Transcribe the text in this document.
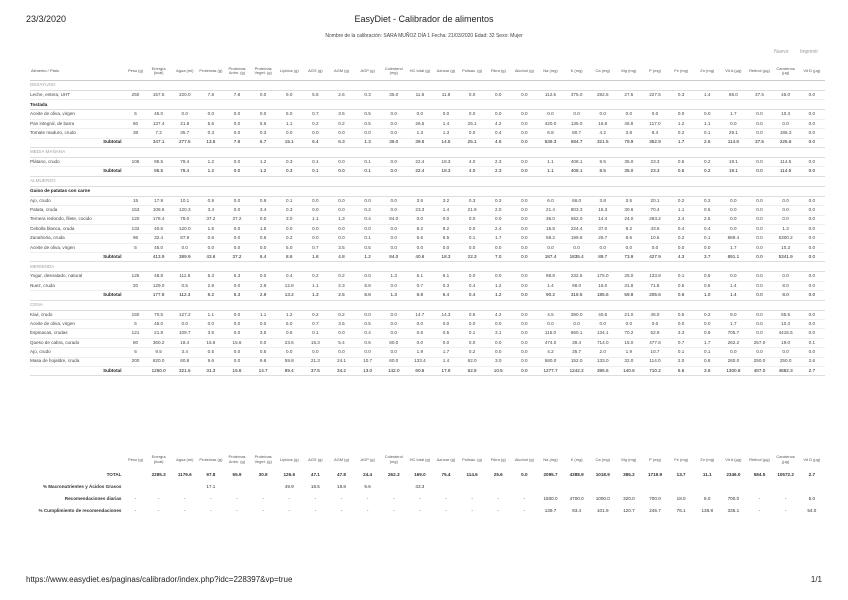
23/3/2020	EasyDiet - Calibrador de alimentos
Nombre de la calibración: SARA MUÑOZ DÍA 1 Fecha: 21/03/2020 Edad: 32 Sexo: Mujer
Nuevo Imprimir
Alimento / Plato	Peso (g)	Energía (kcal)	Agua (ml)	Proteínas (g)	Proteínas Anim. (g)	Proteínas Veget. (g)	Lípidos (g)	AGS (g)	AGM (g)	AGP (g)	Colesterol (mg)	HC total (g)	Azúcar (g)	Polisac. (g)	Fibra (g)	Alcohol (g)	Na (mg)	K (mg)	Ca (mg)	Mg (mg)	P (mg)	Fe (mg)	Zn (mg)	Vit A (µg)	Retinol (µg)	Carotenos (µg)	Vit D (µg)
DESAYUNO																											
Leche, entera, UHT	250	157.5	220.0	7.8	7.8	0.0	9.0	5.5	2.6	0.3	35.0	11.8	11.8	0.0	0.0	0.0	112.5	375.0	282.5	27.5	227.5	0.3	1.4	65.0	37.5	45.0	0.0
Tostada																											
Aceite de oliva, virgen	5	45.0	0.0	0.0	0.0	0.0	5.0	0.7	3.5	0.5	0.0	0.0	0.0	0.0	0.0	0.0	0.0	0.0	0.0	0.0	0.0	0.0	0.0	1.7	0.0	10.3	0.0
Pan integral, de barra	60	137.4	21.8	5.6	0.0	5.6	1.1	0.2	0.2	0.5	0.0	26.5	1.4	25.1	4.2	0.0	420.0	135.0	16.8	46.8	117.0	1.2	1.1	0.0	0.0	0.0	0.0
Tomate maduro, crudo	38	7.2	35.7	0.3	0.0	0.3	0.0	0.0	0.0	0.0	0.0	1.3	1.3	0.0	0.4	0.0	6.8	80.7	4.2	3.8	8.4	0.2	0.1	29.1	0.0	186.3	0.0
Subtotal		347.1	277.5	13.6	7.8	5.7	15.1	6.4	6.3	1.3	35.0	39.6	14.5	25.1	4.6	0.0	539.3	584.7	321.5	79.9	352.9	1.7	2.6	114.8	37.5	225.6	0.0
MEDIA MAÑANA																											
Plátano, crudo	106	95.5	78.4	1.2	0.0	1.2	0.3	0.1	0.0	0.1	0.0	22.4	18.3	4.0	2.3	0.0	1.1	408.1	8.5	35.0	23.3	0.5	0.2	19.1	0.0	114.5	0.0
Subtotal		95.5	78.4	1.2	0.0	1.2	0.3	0.1	0.0	0.1	0.0	22.4	18.3	4.0	2.3	0.0	1.1	408.1	8.5	35.0	23.3	0.5	0.2	19.1	0.0	114.5	0.0
ALMUERZO																											
Guiso de patatas con carne																											
Ajo, crudo	15	17.9	10.1	0.9	0.0	0.9	0.1	0.0	0.0	0.0	0.0	3.5	3.2	0.3	0.3	0.0	6.0	66.0	3.8	3.5	20.1	0.2	0.2	0.0	0.0	0.0	0.0
Patata, cruda	153	108.6	120.3	3.4	0.0	3.4	0.3	0.0	0.0	0.2	0.0	23.3	1.4	21.9	2.0	0.0	21.4	803.3	15.3	30.6	70.4	1.1	0.5	0.0	0.0	0.0	0.0
Ternera redondo, filete, cocido	120	178.4	78.0	37.2	37.2	0.0	3.0	1.1	1.3	0.4	84.0	0.0	0.0	0.0	0.0	0.0	36.0	552.0	14.4	24.0	283.2	2.4	2.5	0.0	0.0	0.0	0.0
Cebolla blanca, cruda	132	40.6	120.0	1.5	0.0	1.5	0.0	0.0	0.0	0.0	0.0	8.2	8.2	0.0	2.4	0.0	15.8	224.4	37.0	9.2	43.6	0.4	0.4	0.0	0.0	1.3	0.0
Zanahoria, cruda	96	32.4	87.9	0.6	0.0	0.6	0.2	0.0	0.0	0.1	0.0	6.6	6.5	0.1	1.7	0.0	58.2	199.8	26.7	8.6	10.6	0.2	0.1	889.4	0.0	5300.2	0.0
Aceite de oliva, virgen	5	45.0	0.0	0.0	0.0	0.0	5.0	0.7	3.5	0.5	0.0	0.0	0.0	0.0	0.0	0.0	0.0	0.0	0.0	0.0	0.0	0.0	0.0	1.7	0.0	10.3	0.0
Subtotal		413.9	389.9	43.6	37.2	6.4	8.6	1.8	4.8	1.2	84.0	40.6	18.3	22.3	7.0	0.0	187.4	1835.4	89.7	73.9	427.9	4.3	3.7	891.1	0.0	5341.9	0.0
MERIENDA																											
Yogur, desnatado, natural	125	48.8	111.8	5.3	5.3	0.0	0.4	0.2	0.2	0.0	1.3	6.1	6.1	0.0	0.0	0.0	88.8	232.5	175.0	25.0	133.8	0.1	0.5	0.0	0.0	0.0	0.0
Nuez, cruda	20	129.0	0.5	2.9	0.0	2.9	12.8	1.1	2.3	8.8	0.0	0.7	0.3	0.4	1.2	0.0	1.4	98.0	16.0	31.8	71.8	0.5	0.5	1.4	0.0	8.0	0.0
Subtotal		177.8	112.3	8.2	5.3	2.9	13.2	1.3	2.5	8.8	1.3	6.8	6.4	0.4	1.2	0.0	90.2	318.5	185.6	59.8	205.6	0.6	1.0	1.4	0.0	8.0	0.0
CENA																											
Kiwi, crudo	150	70.5	127.2	1.1	0.0	1.1	1.2	0.2	0.2	0.0	0.0	14.7	14.3	0.5	4.2	0.0	4.5	390.0	40.5	21.0	45.0	0.5	0.2	9.0	0.0	55.5	0.0
Aceite de oliva, virgen	5	45.0	0.0	0.0	0.0	0.0	5.0	0.7	3.5	0.5	0.0	0.0	0.0	0.0	0.0	0.0	0.0	0.0	0.0	0.0	0.0	0.0	0.0	1.7	0.0	10.3	0.0
Espinacas, crudas	121	21.8	109.7	3.5	0.0	3.5	0.6	0.1	0.0	0.4	0.0	0.6	0.5	0.1	3.1	0.0	115.0	860.1	134.1	70.2	52.9	3.3	0.8	705.7	0.0	4415.5	0.0
Queso de cabra, curado	80	360.2	18.4	15.6	15.6	0.0	23.6	15.3	5.4	0.6	80.0	0.0	0.0	0.0	0.0	0.0	474.0	38.4	714.0	15.0	477.6	0.7	1.7	262.2	257.0	19.0	0.1
Ajo, crudo	6	9.5	3.4	0.5	0.0	0.5	0.0	0.0	0.0	0.0	0.0	1.9	1.7	0.2	0.0	0.0	4.2	35.7	2.0	1.9	10.7	0.1	0.1	0.0	0.0	0.0	0.0
Masa de hojaldre, cruda	200	820.0	60.8	9.6	0.0	9.6	59.8	21.3	24.1	10.7	60.0	133.4	1.4	62.0	3.0	0.0	580.0	152.0	133.0	32.0	114.0	2.0	0.8	260.0	250.0	250.0	2.6
Subtotal		1250.0	321.5	31.3	15.6	14.7	89.4	37.5	34.2	13.0	142.0	60.6	17.9	62.8	10.5	0.0	1277.7	1242.2	395.6	140.6	710.2	6.6	3.6	1300.8	487.0	4882.3	2.7
	Peso (g)	Energía (kcal)	Agua (ml)	Proteínas (g)	Proteínas Anim. (g)	Proteínas Veget. (g)	Lípidos (g)	AGS (g)	AGM (g)	AGP (g)	Colesterol (mg)	HC total (g)	Azúcar (g)	Polisac. (g)	Fibra (g)	Alcohol (g)	Na (mg)	K (mg)	Ca (mg)	Mg (mg)	P (mg)	Fe (mg)	Zn (mg)	Vit A (µg)	Retinol (µg)	Carotenos (µg)	Vit D (µg)
TOTAL		2285.3	1179.6	97.8	65.9	30.9	126.6	47.1	47.8	24.4	262.3	169.0	75.4	114.6	25.6	0.0	2095.7	4388.9	1018.9	386.2	1719.9	13.7	11.1	2346.0	584.5	10572.2	2.7
% Macronutrientes y Ácidos Grasos				17.1			49.9	18.5	18.8	9.6		33.3															
Recomendaciones diarias	-	-	-	-	-	-	-	-	-	-	-	-	-	-	-	-	1500.0	4700.0	1000.0	320.0	700.0	18.0	8.0	700.0	-	-	5.0
% Cumplimiento de recomendaciones	-	-	-	-	-	-	-	-	-	-	-	-	-	-	-	-	139.7	93.4	101.9	120.7	245.7	76.1	138.8	335.1	-	-	54.0
https://www.easydiet.es/paginas/calibrador/index.php?idc=228397&vp=true	1/1
